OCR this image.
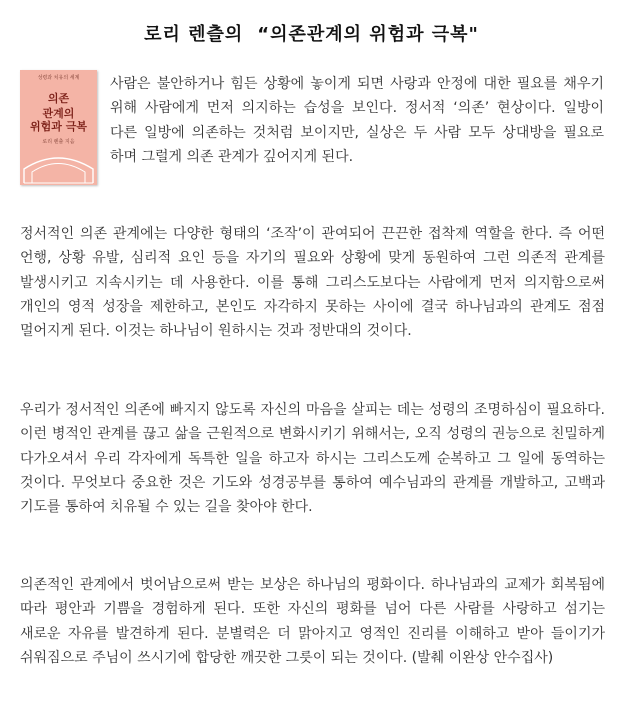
로리 렌츨의 “의존관계의 위험과 극복"
성령과 치유의 세계
의존
관계의
위험과 극복
로리 렌츨 지음

사람은 불안하거나 힘든 상황에 놓이게 되면 사랑과 안정에 대한 필요를 채우기 위해 사람에게 먼저 의지하는 습성을 보인다. 정서적 ‘의존’ 현상이다. 일방이 다른 일방에 의존하는 것처럼 보이지만, 실상은 두 사람 모두 상대방을 필요로 하며 그럴게 의존 관계가 깊어지게 된다.

정서적인 의존 관계에는 다양한 형태의 ‘조작’이 관여되어 끈끈한 접착제 역할을 한다. 즉 어떤 언행, 상황 유발, 심리적 요인 등을 자기의 필요와 상황에 맞게 동원하여 그런 의존적 관계를 발생시키고 지속시키는 데 사용한다. 이를 통해 그리스도보다는 사람에게 먼저 의지함으로써 개인의 영적 성장을 제한하고, 본인도 자각하지 못하는 사이에 결국 하나님과의 관계도 점점 멀어지게 된다. 이것는 하나님이 원하시는 것과 정반대의 것이다.

우리가 정서적인 의존에 빠지지 않도록 자신의 마음을 살피는 데는 성령의 조명하심이 필요하다. 이런 병적인 관계를 끊고 삶을 근원적으로 변화시키기 위해서는, 오직 성령의 권능으로 친밀하게 다가오셔서 우리 각자에게 독특한 일을 하고자 하시는 그리스도께 순복하고 그 일에 동역하는 것이다. 무엇보다 중요한 것은 기도와 성경공부를 통하여 예수님과의 관계를 개발하고, 고백과 기도를 통하여 치유될 수 있는 길을 찾아야 한다.

의존적인 관계에서 벗어남으로써 받는 보상은 하나님의 평화이다. 하나님과의 교제가 회복됨에 따라 평안과 기쁨을 경험하게 된다. 또한 자신의 평화를 넘어 다른 사람를 사랑하고 섬기는 새로운 자유를 발견하게 된다. 분별력은 더 맑아지고 영적인 진리를 이해하고 받아 들이기가 쉬워짐으로 주님이 쓰시기에 합당한 깨끗한 그릇이 되는 것이다. (발췌 이완상 안수집사)
